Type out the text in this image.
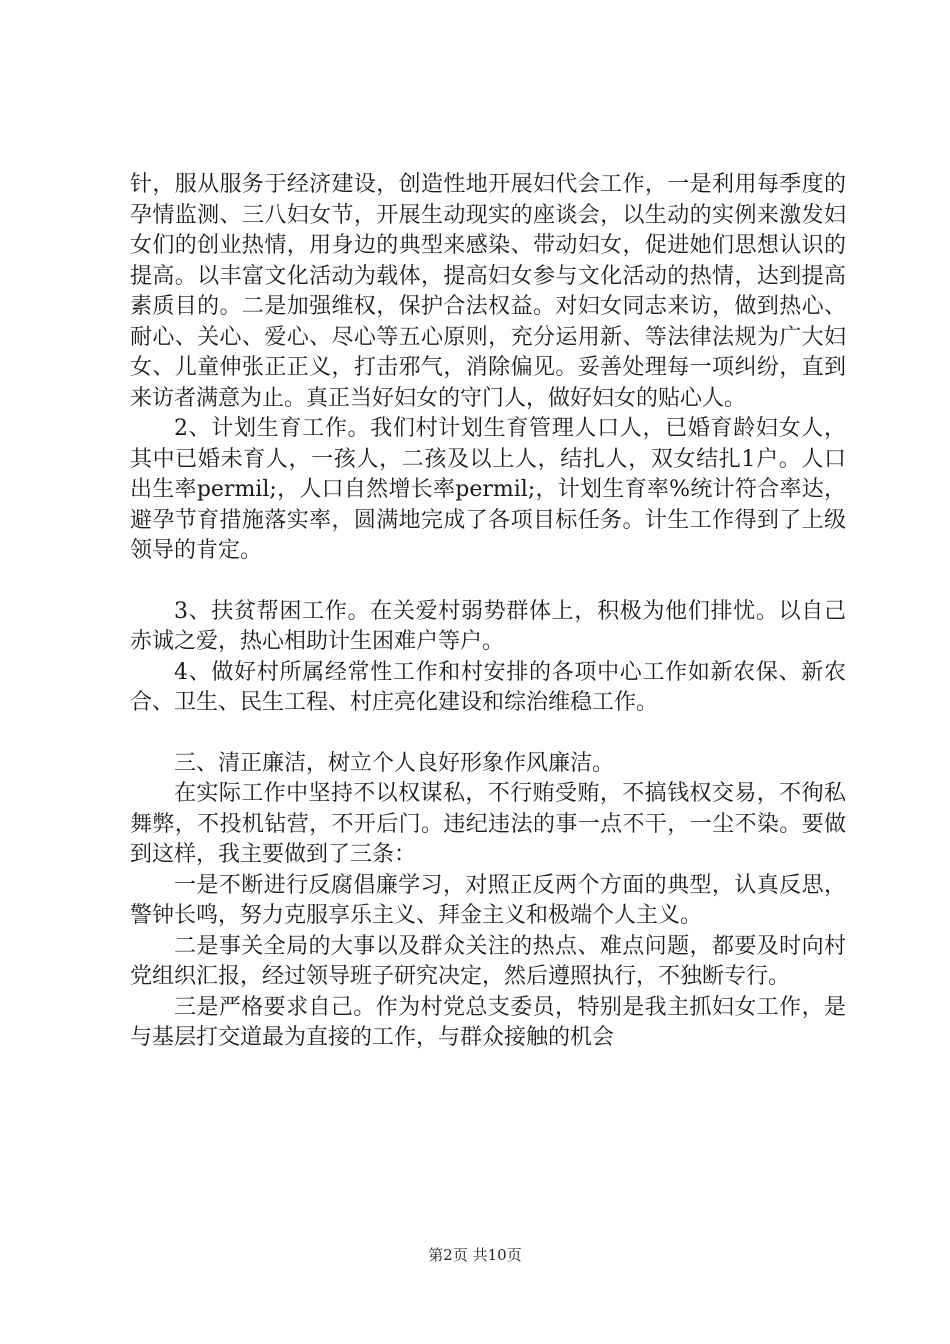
针，服从服务于经济建设，创造性地开展妇代会工作，一是利用每季度的孕情监测、三八妇女节，开展生动现实的座谈会，以生动的实例来激发妇女们的创业热情，用身边的典型来感染、带动妇女，促进她们思想认识的提高。以丰富文化活动为载体，提高妇女参与文化活动的热情，达到提高素质目的。二是加强维权，保护合法权益。对妇女同志来访，做到热心、耐心、关心、爱心、尽心等五心原则，充分运用新、等法律法规为广大妇女、儿童伸张正正义，打击邪气，消除偏见。妥善处理每一项纠纷，直到来访者满意为止。真正当好妇女的守门人，做好妇女的贴心人。

2、计划生育工作。我们村计划生育管理人口人，已婚育龄妇女人，其中已婚未育人，一孩人，二孩及以上人，结扎人，双女结扎1户。人口出生率permil;，人口自然增长率permil;，计划生育率%统计符合率达，避孕节育措施落实率，圆满地完成了各项目标任务。计生工作得到了上级领导的肯定。

3、扶贫帮困工作。在关爱村弱势群体上，积极为他们排忧。以自己赤诚之爱，热心相助计生困难户等户。

4、做好村所属经常性工作和村安排的各项中心工作如新农保、新农合、卫生、民生工程、村庄亮化建设和综治维稳工作。

三、清正廉洁，树立个人良好形象作风廉洁。

在实际工作中坚持不以权谋私，不行贿受贿，不搞钱权交易，不徇私舞弊，不投机钻营，不开后门。违纪违法的事一点不干，一尘不染。要做到这样，我主要做到了三条：

一是不断进行反腐倡廉学习，对照正反两个方面的典型，认真反思，警钟长鸣，努力克服享乐主义、拜金主义和极端个人主义。

二是事关全局的大事以及群众关注的热点、难点问题，都要及时向村党组织汇报，经过领导班子研究决定，然后遵照执行，不独断专行。

三是严格要求自己。作为村党总支委员，特别是我主抓妇女工作，是与基层打交道最为直接的工作，与群众接触的机会

第2页 共10页
